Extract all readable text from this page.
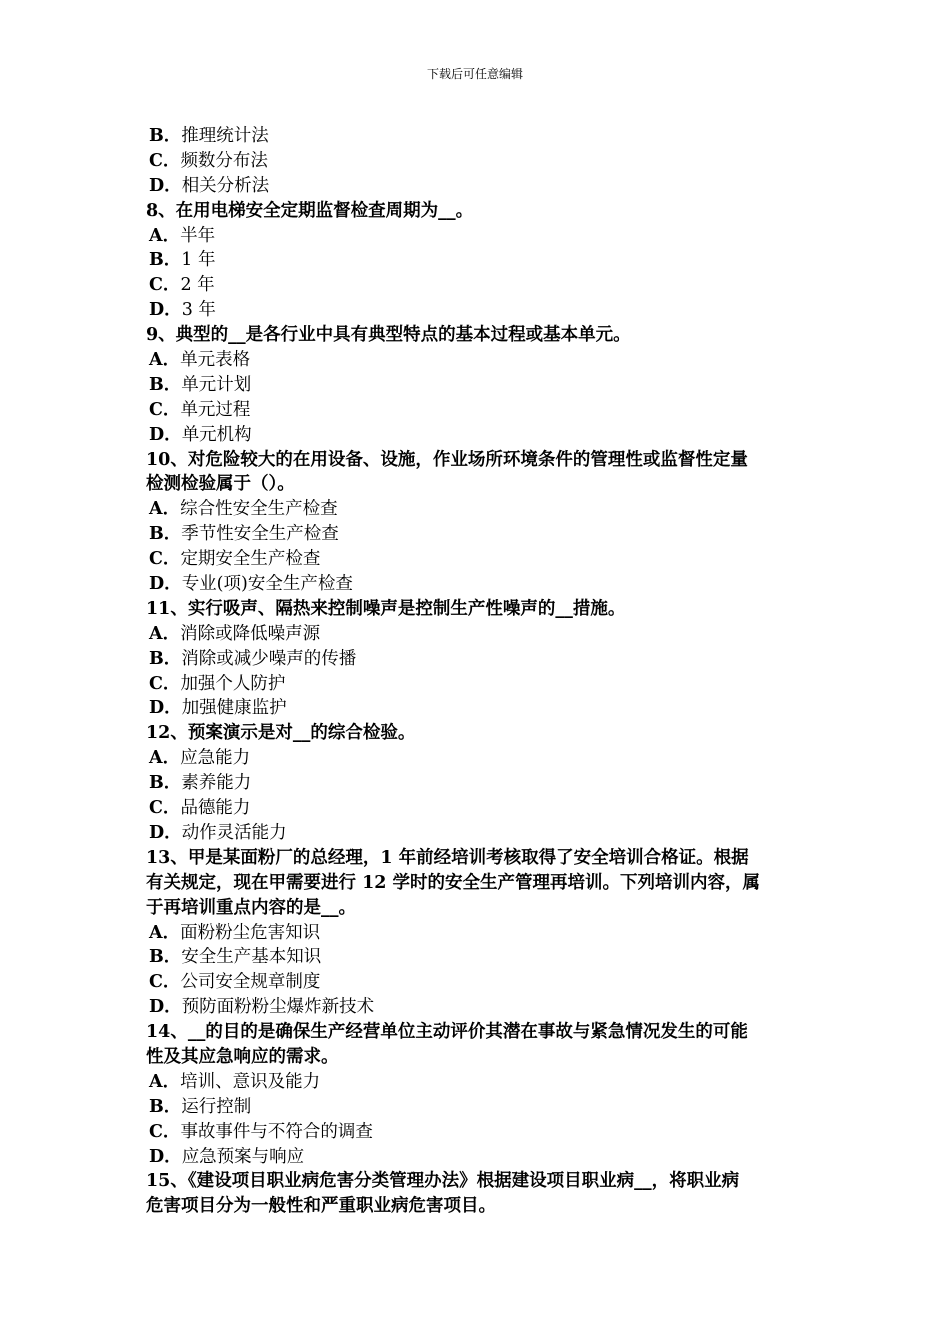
下载后可任意编辑
B．推理统计法
C．频数分布法
D．相关分析法
8、在用电梯安全定期监督检查周期为__。
A．半年
B．1 年
C．2 年
D．3 年
9、典型的__是各行业中具有典型特点的基本过程或基本单元。
A．单元表格
B．单元计划
C．单元过程
D．单元机构
10、对危险较大的在用设备、设施，作业场所环境条件的管理性或监督性定量
检测检验属于（）。
A．综合性安全生产检查
B．季节性安全生产检查
C．定期安全生产检查
D．专业(项)安全生产检查
11、实行吸声、隔热来控制噪声是控制生产性噪声的__措施。
A．消除或降低噪声源
B．消除或减少噪声的传播
C．加强个人防护
D．加强健康监护
12、预案演示是对__的综合检验。
A．应急能力
B．素养能力
C．品德能力
D．动作灵活能力
13、甲是某面粉厂的总经理，1 年前经培训考核取得了安全培训合格证。根据
有关规定，现在甲需要进行 12 学时的安全生产管理再培训。下列培训内容，属
于再培训重点内容的是__。
A．面粉粉尘危害知识
B．安全生产基本知识
C．公司安全规章制度
D．预防面粉粉尘爆炸新技术
14、__的目的是确保生产经营单位主动评价其潜在事故与紧急情况发生的可能
性及其应急响应的需求。
A．培训、意识及能力
B．运行控制
C．事故事件与不符合的调查
D．应急预案与响应
15、《建设项目职业病危害分类管理办法》根据建设项目职业病__，将职业病
危害项目分为一般性和严重职业病危害项目。
